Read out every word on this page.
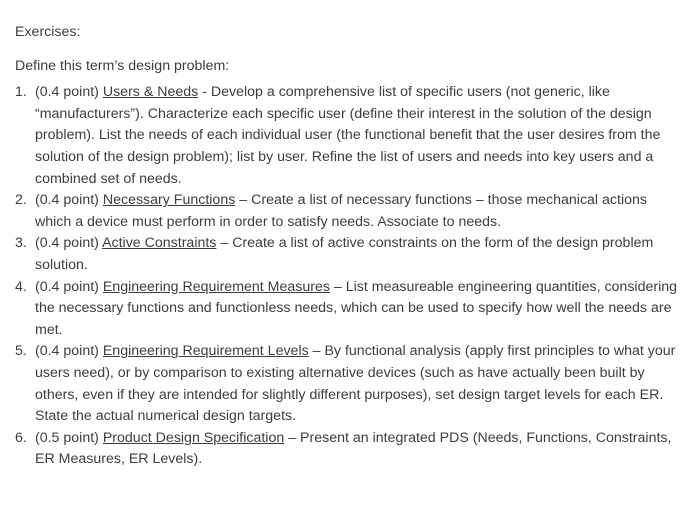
Exercises:

Define this term’s design problem:

1. (0.4 point) Users & Needs - Develop a comprehensive list of specific users (not generic, like “manufacturers”). Characterize each specific user (define their interest in the solution of the design problem). List the needs of each individual user (the functional benefit that the user desires from the solution of the design problem); list by user. Refine the list of users and needs into key users and a combined set of needs.
2. (0.4 point) Necessary Functions – Create a list of necessary functions – those mechanical actions which a device must perform in order to satisfy needs. Associate to needs.
3. (0.4 point) Active Constraints – Create a list of active constraints on the form of the design problem solution.
4. (0.4 point) Engineering Requirement Measures – List measureable engineering quantities, considering the necessary functions and functionless needs, which can be used to specify how well the needs are met.
5. (0.4 point) Engineering Requirement Levels – By functional analysis (apply first principles to what your users need), or by comparison to existing alternative devices (such as have actually been built by others, even if they are intended for slightly different purposes), set design target levels for each ER. State the actual numerical design targets.
6. (0.5 point) Product Design Specification – Present an integrated PDS (Needs, Functions, Constraints, ER Measures, ER Levels).
